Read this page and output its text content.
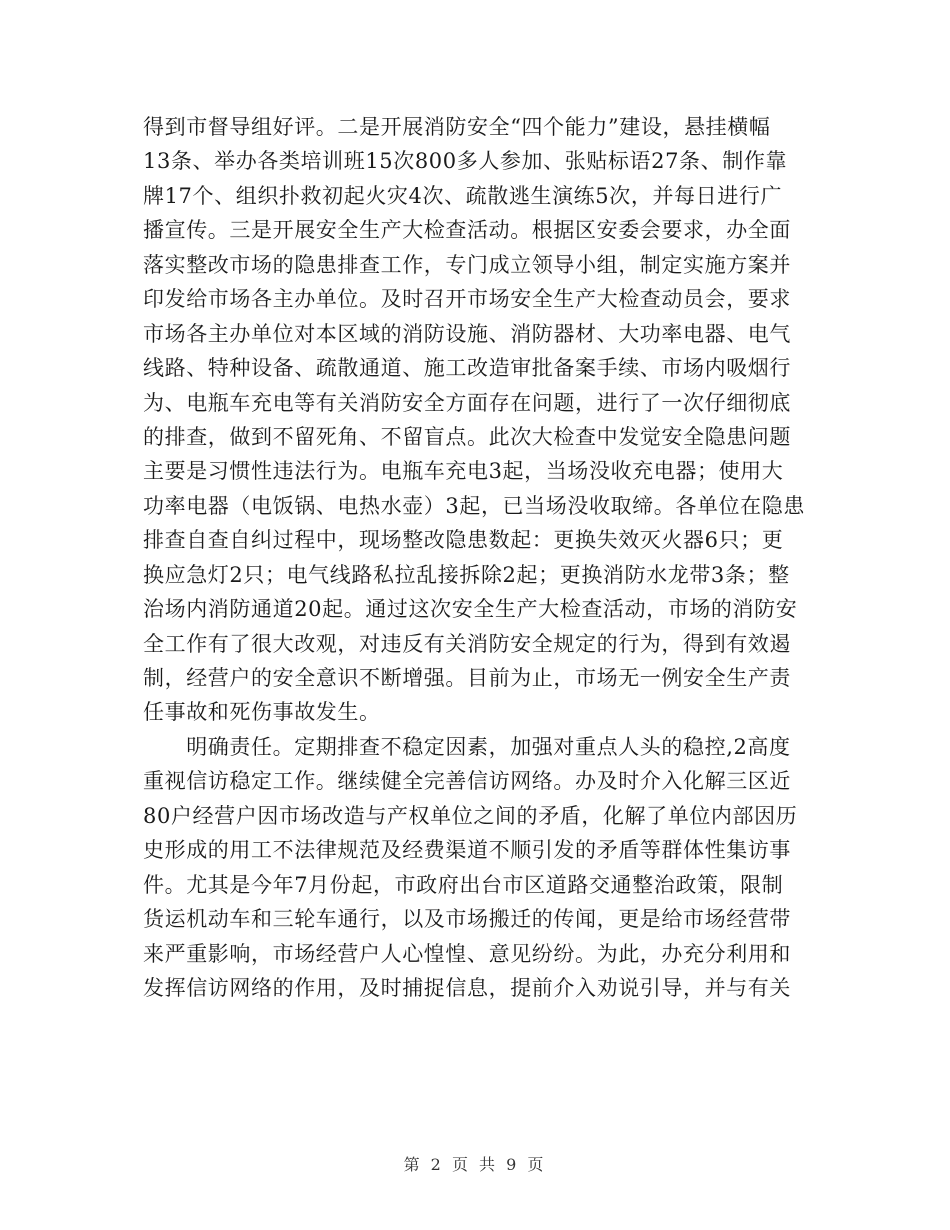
得到市督导组好评。二是开展消防安全“四个能力”建设，悬挂横幅
13条、举办各类培训班15次800多人参加、张贴标语27条、制作靠
牌17个、组织扑救初起火灾4次、疏散逃生演练5次，并每日进行广
播宣传。三是开展安全生产大检查活动。根据区安委会要求，办全面
落实整改市场的隐患排查工作，专门成立领导小组，制定实施方案并
印发给市场各主办单位。及时召开市场安全生产大检查动员会，要求
市场各主办单位对本区域的消防设施、消防器材、大功率电器、电气
线路、特种设备、疏散通道、施工改造审批备案手续、市场内吸烟行
为、电瓶车充电等有关消防安全方面存在问题，进行了一次仔细彻底
的排查，做到不留死角、不留盲点。此次大检查中发觉安全隐患问题
主要是习惯性违法行为。电瓶车充电3起，当场没收充电器；使用大
功率电器（电饭锅、电热水壶）3起，已当场没收取缔。各单位在隐患
排查自查自纠过程中，现场整改隐患数起：更换失效灭火器6只；更
换应急灯2只；电气线路私拉乱接拆除2起；更换消防水龙带3条；整
治场内消防通道20起。通过这次安全生产大检查活动，市场的消防安
全工作有了很大改观，对违反有关消防安全规定的行为，得到有效遏
制，经营户的安全意识不断增强。目前为止，市场无一例安全生产责
任事故和死伤事故发生。
　　明确责任。定期排查不稳定因素，加强对重点人头的稳控,2高度
重视信访稳定工作。继续健全完善信访网络。办及时介入化解三区近
80户经营户因市场改造与产权单位之间的矛盾，化解了单位内部因历
史形成的用工不法律规范及经费渠道不顺引发的矛盾等群体性集访事
件。尤其是今年7月份起，市政府出台市区道路交通整治政策，限制
货运机动车和三轮车通行，以及市场搬迁的传闻，更是给市场经营带
来严重影响，市场经营户人心惶惶、意见纷纷。为此，办充分利用和
发挥信访网络的作用，及时捕捉信息，提前介入劝说引导，并与有关
第 2 页 共 9 页
